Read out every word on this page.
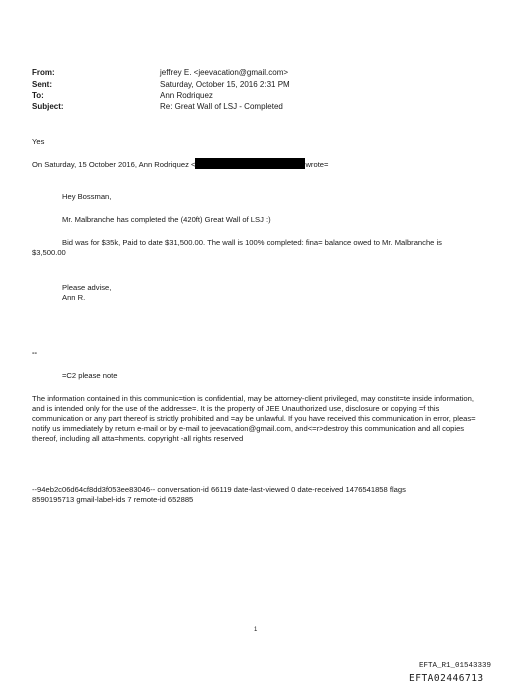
From:	jeffrey E. <jeevacation@gmail.com>
Sent:	Saturday, October 15, 2016 2:31 PM
To:	Ann Rodriquez
Subject:	Re: Great Wall of LSJ - Completed
Yes
On Saturday, 15 October 2016, Ann Rodriquez <	wrote=
Hey Bossman,
Mr. Malbranche has completed the (420ft) Great Wall of LSJ :)
Bid was for $35k, Paid to date $31,500.00. The wall is 100% completed: fina= balance owed to Mr. Malbranche is
$3,500.00
Please advise,
Ann R.
--
=C2 please note
The information contained in this communic=tion is confidential, may be attorney-client privileged, may constit=te inside information, and is intended only for the use of the addresse=. It is the property of JEE Unauthorized use, disclosure or copying =f this communication or any part thereof is strictly prohibited and =ay be unlawful. If you have received this communication in error, pleas= notify us immediately by return e-mail or by e-mail to jeevacation@gmail.com, and<=r>destroy this communication and all copies thereof, including all atta=hments. copyright -all rights reserved
--94eb2c06d64cf8dd3f053ee83046-- conversation-id 66119 date-last-viewed 0 date-received 1476541858 flags
8590195713 gmail-label-ids 7 remote-id 652885
1
EFTA_R1_01543339
EFTA02446713
